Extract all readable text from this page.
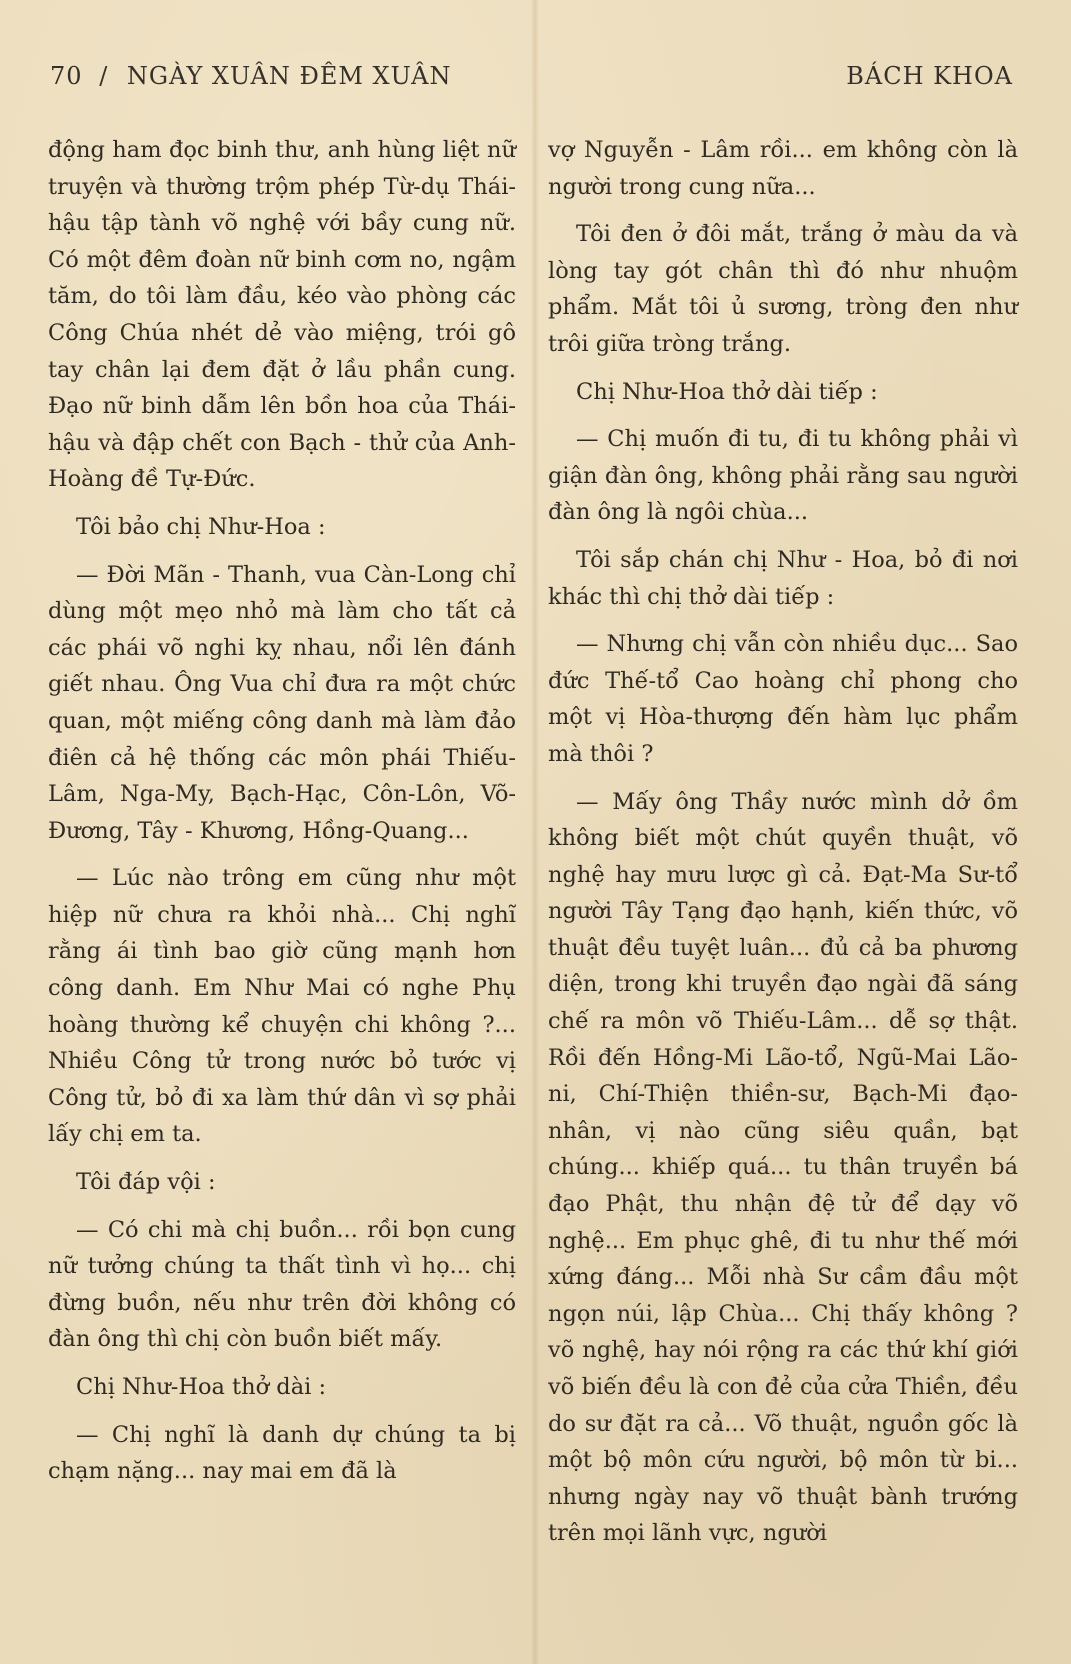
70 / NGÀY XUÂN ĐÊM XUÂN	BÁCH KHOA

động ham đọc binh thư, anh hùng liệt nữ truyện và thường trộm phép Từ-dụ Thái-hậu tập tành võ nghệ với bầy cung nữ. Có một đêm đoàn nữ binh cơm no, ngậm tăm, do tôi làm đầu, kéo vào phòng các Công Chúa nhét dẻ vào miệng, trói gô tay chân lại đem đặt ở lầu phần cung. Đạo nữ binh dẫm lên bồn hoa của Thái-hậu và đập chết con Bạch - thử của Anh-Hoàng đề Tự-Đức.

Tôi bảo chị Như-Hoa :

— Đời Mãn - Thanh, vua Càn-Long chỉ dùng một mẹo nhỏ mà làm cho tất cả các phái võ nghi kỵ nhau, nổi lên đánh giết nhau. Ông Vua chỉ đưa ra một chức quan, một miếng công danh mà làm đảo điên cả hệ thống các môn phái Thiếu-Lâm, Nga-My, Bạch-Hạc, Côn-Lôn, Võ-Đương, Tây - Khương, Hồng-Quang...

— Lúc nào trông em cũng như một hiệp nữ chưa ra khỏi nhà... Chị nghĩ rằng ái tình bao giờ cũng mạnh hơn công danh. Em Như Mai có nghe Phụ hoàng thường kể chuyện chi không ?... Nhiều Công tử trong nước bỏ tước vị Công tử, bỏ đi xa làm thứ dân vì sợ phải lấy chị em ta.

Tôi đáp vội :

— Có chi mà chị buồn... rồi bọn cung nữ tưởng chúng ta thất tình vì họ... chị đừng buồn, nếu như trên đời không có đàn ông thì chị còn buồn biết mấy.

Chị Như-Hoa thở dài :

— Chị nghĩ là danh dự chúng ta bị chạm nặng... nay mai em đã là

vợ Nguyễn - Lâm rồi... em không còn là người trong cung nữa...

Tôi đen ở đôi mắt, trắng ở màu da và lòng tay gót chân thì đó như nhuộm phẩm. Mắt tôi ủ sương, tròng đen như trôi giữa tròng trắng.

Chị Như-Hoa thở dài tiếp :

— Chị muốn đi tu, đi tu không phải vì giận đàn ông, không phải rằng sau người đàn ông là ngôi chùa...

Tôi sắp chán chị Như - Hoa, bỏ đi nơi khác thì chị thở dài tiếp :

— Nhưng chị vẫn còn nhiều dục... Sao đức Thế-tổ Cao hoàng chỉ phong cho một vị Hòa-thượng đến hàm lục phẩm mà thôi ?

— Mấy ông Thầy nước mình dở ồm không biết một chút quyền thuật, võ nghệ hay mưu lược gì cả. Đạt-Ma Sư-tổ người Tây Tạng đạo hạnh, kiến thức, võ thuật đều tuyệt luân... đủ cả ba phương diện, trong khi truyền đạo ngài đã sáng chế ra môn võ Thiếu-Lâm... dễ sợ thật. Rồi đến Hồng-Mi Lão-tổ, Ngũ-Mai Lão-ni, Chí-Thiện thiền-sư, Bạch-Mi đạo-nhân, vị nào cũng siêu quần, bạt chúng... khiếp quá... tu thân truyền bá đạo Phật, thu nhận đệ tử để dạy võ nghệ... Em phục ghê, đi tu như thế mới xứng đáng... Mỗi nhà Sư cầm đầu một ngọn núi, lập Chùa... Chị thấy không ? võ nghệ, hay nói rộng ra các thứ khí giới võ biến đều là con đẻ của cửa Thiền, đều do sư đặt ra cả... Võ thuật, nguồn gốc là một bộ môn cứu người, bộ môn từ bi... nhưng ngày nay võ thuật bành trướng trên mọi lãnh vực, người
